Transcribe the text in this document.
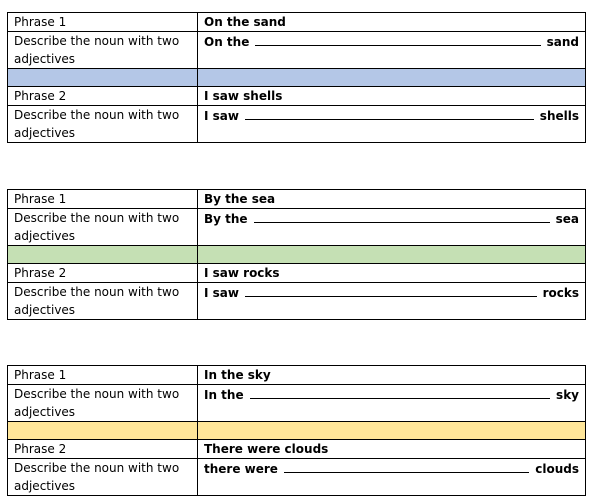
Phrase 1	On the sand
Describe the noun with two adjectives	On the sand

Phrase 2	I saw shells
Describe the noun with two adjectives	I saw shells
Phrase 1	By the sea
Describe the noun with two adjectives	By the sea

Phrase 2	I saw rocks
Describe the noun with two adjectives	I saw rocks
Phrase 1	In the sky
Describe the noun with two adjectives	In the sky

Phrase 2	There were clouds
Describe the noun with two adjectives	there were clouds
